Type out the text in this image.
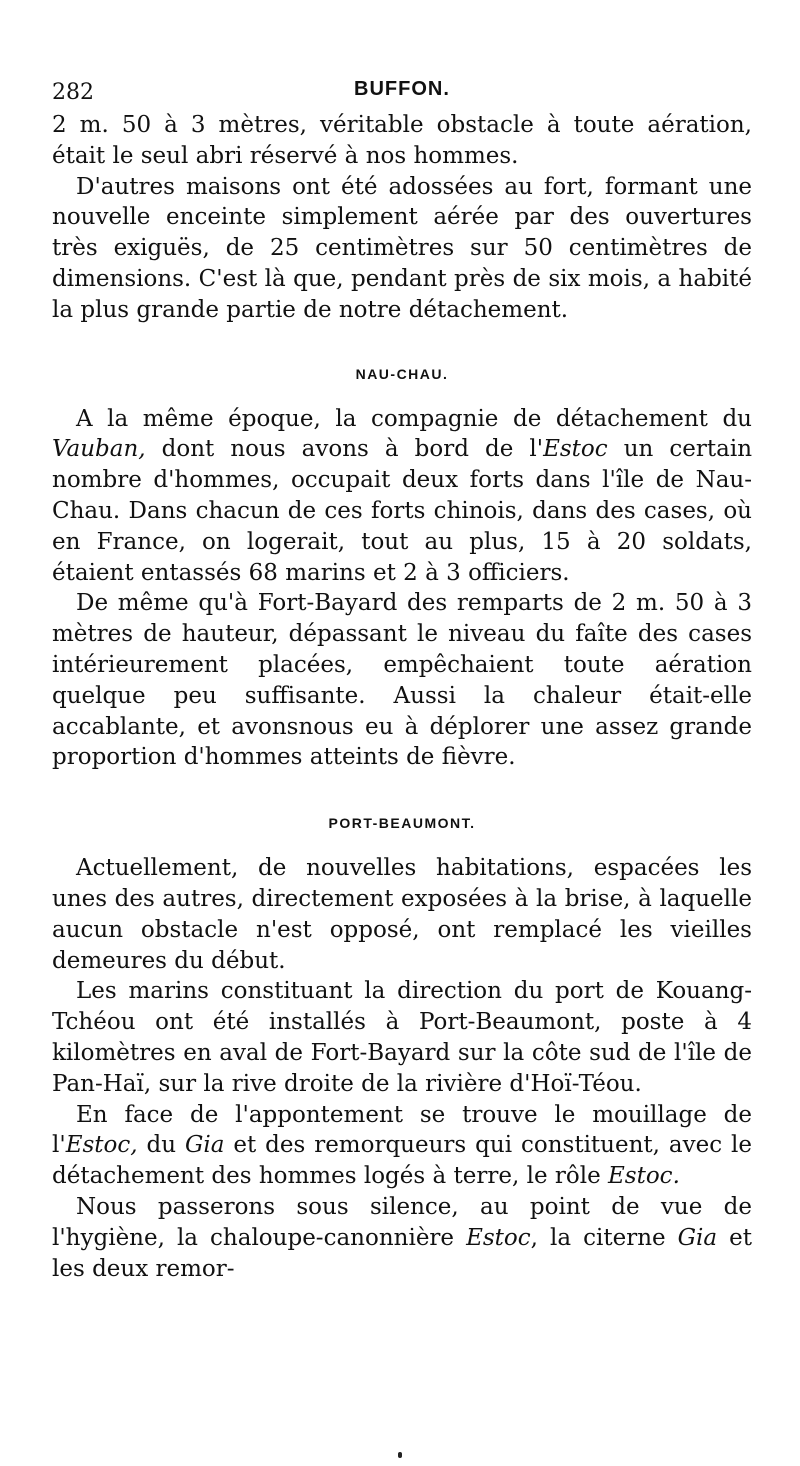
282	BUFFON.

2 m. 50 à 3 mètres, véritable obstacle à toute aération, était le seul abri réservé à nos hommes.

D'autres maisons ont été adossées au fort, formant une nouvelle enceinte simplement aérée par des ouvertures très exiguës, de 25 centimètres sur 50 centimètres de dimensions. C'est là que, pendant près de six mois, a habité la plus grande partie de notre détachement.

NAU-CHAU.

A la même époque, la compagnie de détachement du Vauban, dont nous avons à bord de l'Estoc un certain nombre d'hommes, occupait deux forts dans l'île de Nau-Chau. Dans chacun de ces forts chinois, dans des cases, où en France, on logerait, tout au plus, 15 à 20 soldats, étaient entassés 68 marins et 2 à 3 officiers.

De même qu'à Fort-Bayard des remparts de 2 m. 50 à 3 mètres de hauteur, dépassant le niveau du faîte des cases intérieurement placées, empêchaient toute aération quelque peu suffisante. Aussi la chaleur était-elle accablante, et avonsnous eu à déplorer une assez grande proportion d'hommes atteints de fièvre.

PORT-BEAUMONT.

Actuellement, de nouvelles habitations, espacées les unes des autres, directement exposées à la brise, à laquelle aucun obstacle n'est opposé, ont remplacé les vieilles demeures du début.

Les marins constituant la direction du port de Kouang-Tchéou ont été installés à Port-Beaumont, poste à 4 kilomètres en aval de Fort-Bayard sur la côte sud de l'île de Pan-Haï, sur la rive droite de la rivière d'Hoï-Téou.

En face de l'appontement se trouve le mouillage de l'Estoc, du Gia et des remorqueurs qui constituent, avec le détachement des hommes logés à terre, le rôle Estoc.

Nous passerons sous silence, au point de vue de l'hygiène, la chaloupe-canonnière Estoc, la citerne Gia et les deux remor-
